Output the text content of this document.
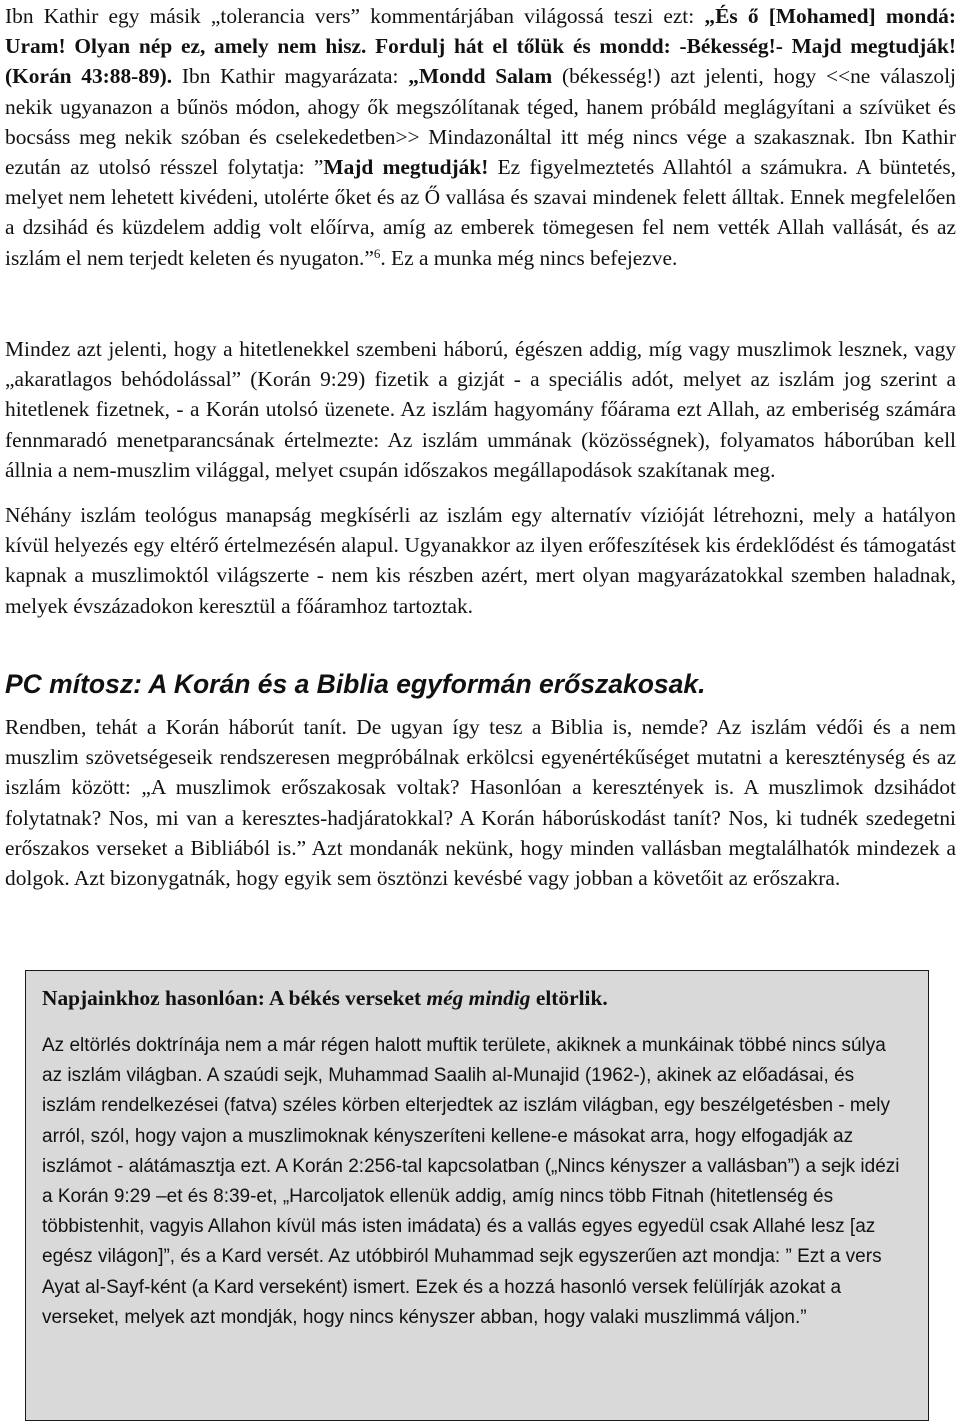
Ibn Kathir egy másik „tolerancia vers” kommentárjában világossá teszi ezt: „És ő [Mohamed] mondá: Uram! Olyan nép ez, amely nem hisz. Fordulj hát el tőlük és mondd: -Békesség!- Majd megtudják! (Korán 43:88-89). Ibn Kathir magyarázata: „Mondd Salam (békesség!) azt jelenti, hogy <<ne válaszolj nekik ugyanazon a bűnös módon, ahogy ők megszólítanak téged, hanem próbáld meglágyítani a szívüket és bocsáss meg nekik szóban és cselekedetben>> Mindazonáltal itt még nincs vége a szakasznak. Ibn Kathir ezután az utolsó résszel folytatja: ”Majd megtudják! Ez figyelmeztetés Allahtól a számukra. A büntetés, melyet nem lehetett kivédeni, utolérte őket és az Ő vallása és szavai mindenek felett álltak. Ennek megfelelően a dzsihád és küzdelem addig volt előírva, amíg az emberek tömegesen fel nem vették Allah vallását, és az iszlám el nem terjedt keleten és nyugaton.”$^6$. Ez a munka még nincs befejezve.

Mindez azt jelenti, hogy a hitetlenekkel szembeni háború, égészen addig, míg vagy muszlimok lesznek, vagy „akaratlagos behódolással” (Korán 9:29) fizetik a gizját - a speciális adót, melyet az iszlám jog szerint a hitetlenek fizetnek, - a Korán utolsó üzenete. Az iszlám hagyomány főárama ezt Allah, az emberiség számára fennmaradó menetparancsának értelmezte: Az iszlám ummának (közösségnek), folyamatos háborúban kell állnia a nem-muszlim világgal, melyet csupán időszakos megállapodások szakítanak meg.

Néhány iszlám teológus manapság megkísérli az iszlám egy alternatív vízióját létrehozni, mely a hatályon kívül helyezés egy eltérő értelmezésén alapul. Ugyanakkor az ilyen erőfeszítések kis érdeklődést és támogatást kapnak a muszlimoktól világszerte - nem kis részben azért, mert olyan magyarázatokkal szemben haladnak, melyek évszázadokon keresztül a főáramhoz tartoztak.

PC mítosz: A Korán és a Biblia egyformán erőszakosak.

Rendben, tehát a Korán háborút tanít. De ugyan így tesz a Biblia is, nemde? Az iszlám védői és a nem muszlim szövetségeseik rendszeresen megpróbálnak erkölcsi egyenértékűséget mutatni a kereszténység és az iszlám között: „A muszlimok erőszakosak voltak? Hasonlóan a keresztények is. A muszlimok dzsihádot folytatnak? Nos, mi van a keresztes-hadjáratokkal? A Korán háborúskodást tanít? Nos, ki tudnék szedegetni erőszakos verseket a Bibliából is.” Azt mondanák nekünk, hogy minden vallásban megtalálhatók mindezek a dolgok. Azt bizonygatnák, hogy egyik sem ösztönzi kevésbé vagy jobban a követőit az erőszakra.

Napjainkhoz hasonlóan: A békés verseket még mindig eltörlik.

Az eltörlés doktrínája nem a már régen halott muftik területe, akiknek a munkáinak többé nincs súlya az iszlám világban. A szaúdi sejk, Muhammad Saalih al-Munajid (1962-), akinek az előadásai, és iszlám rendelkezései (fatva) széles körben elterjedtek az iszlám világban, egy beszélgetésben - mely arról, szól, hogy vajon a muszlimoknak kényszeríteni kellene-e másokat arra, hogy elfogadják az iszlámot - alátámasztja ezt. A Korán 2:256-tal kapcsolatban („Nincs kényszer a vallásban”) a sejk idézi a Korán 9:29 –et és 8:39-et, „Harcoljatok ellenük addig, amíg nincs több Fitnah (hitetlenség és többistenhit, vagyis Allahon kívül más isten imádata) és a vallás egyes egyedül csak Allahé lesz [az egész világon]”, és a Kard versét. Az utóbbiról Muhammad sejk egyszerűen azt mondja: ” Ezt a vers Ayat al-Sayf-ként (a Kard verseként) ismert. Ezek és a hozzá hasonló versek felülírják azokat a verseket, melyek azt mondják, hogy nincs kényszer abban, hogy valaki muszlimmá váljon.”
